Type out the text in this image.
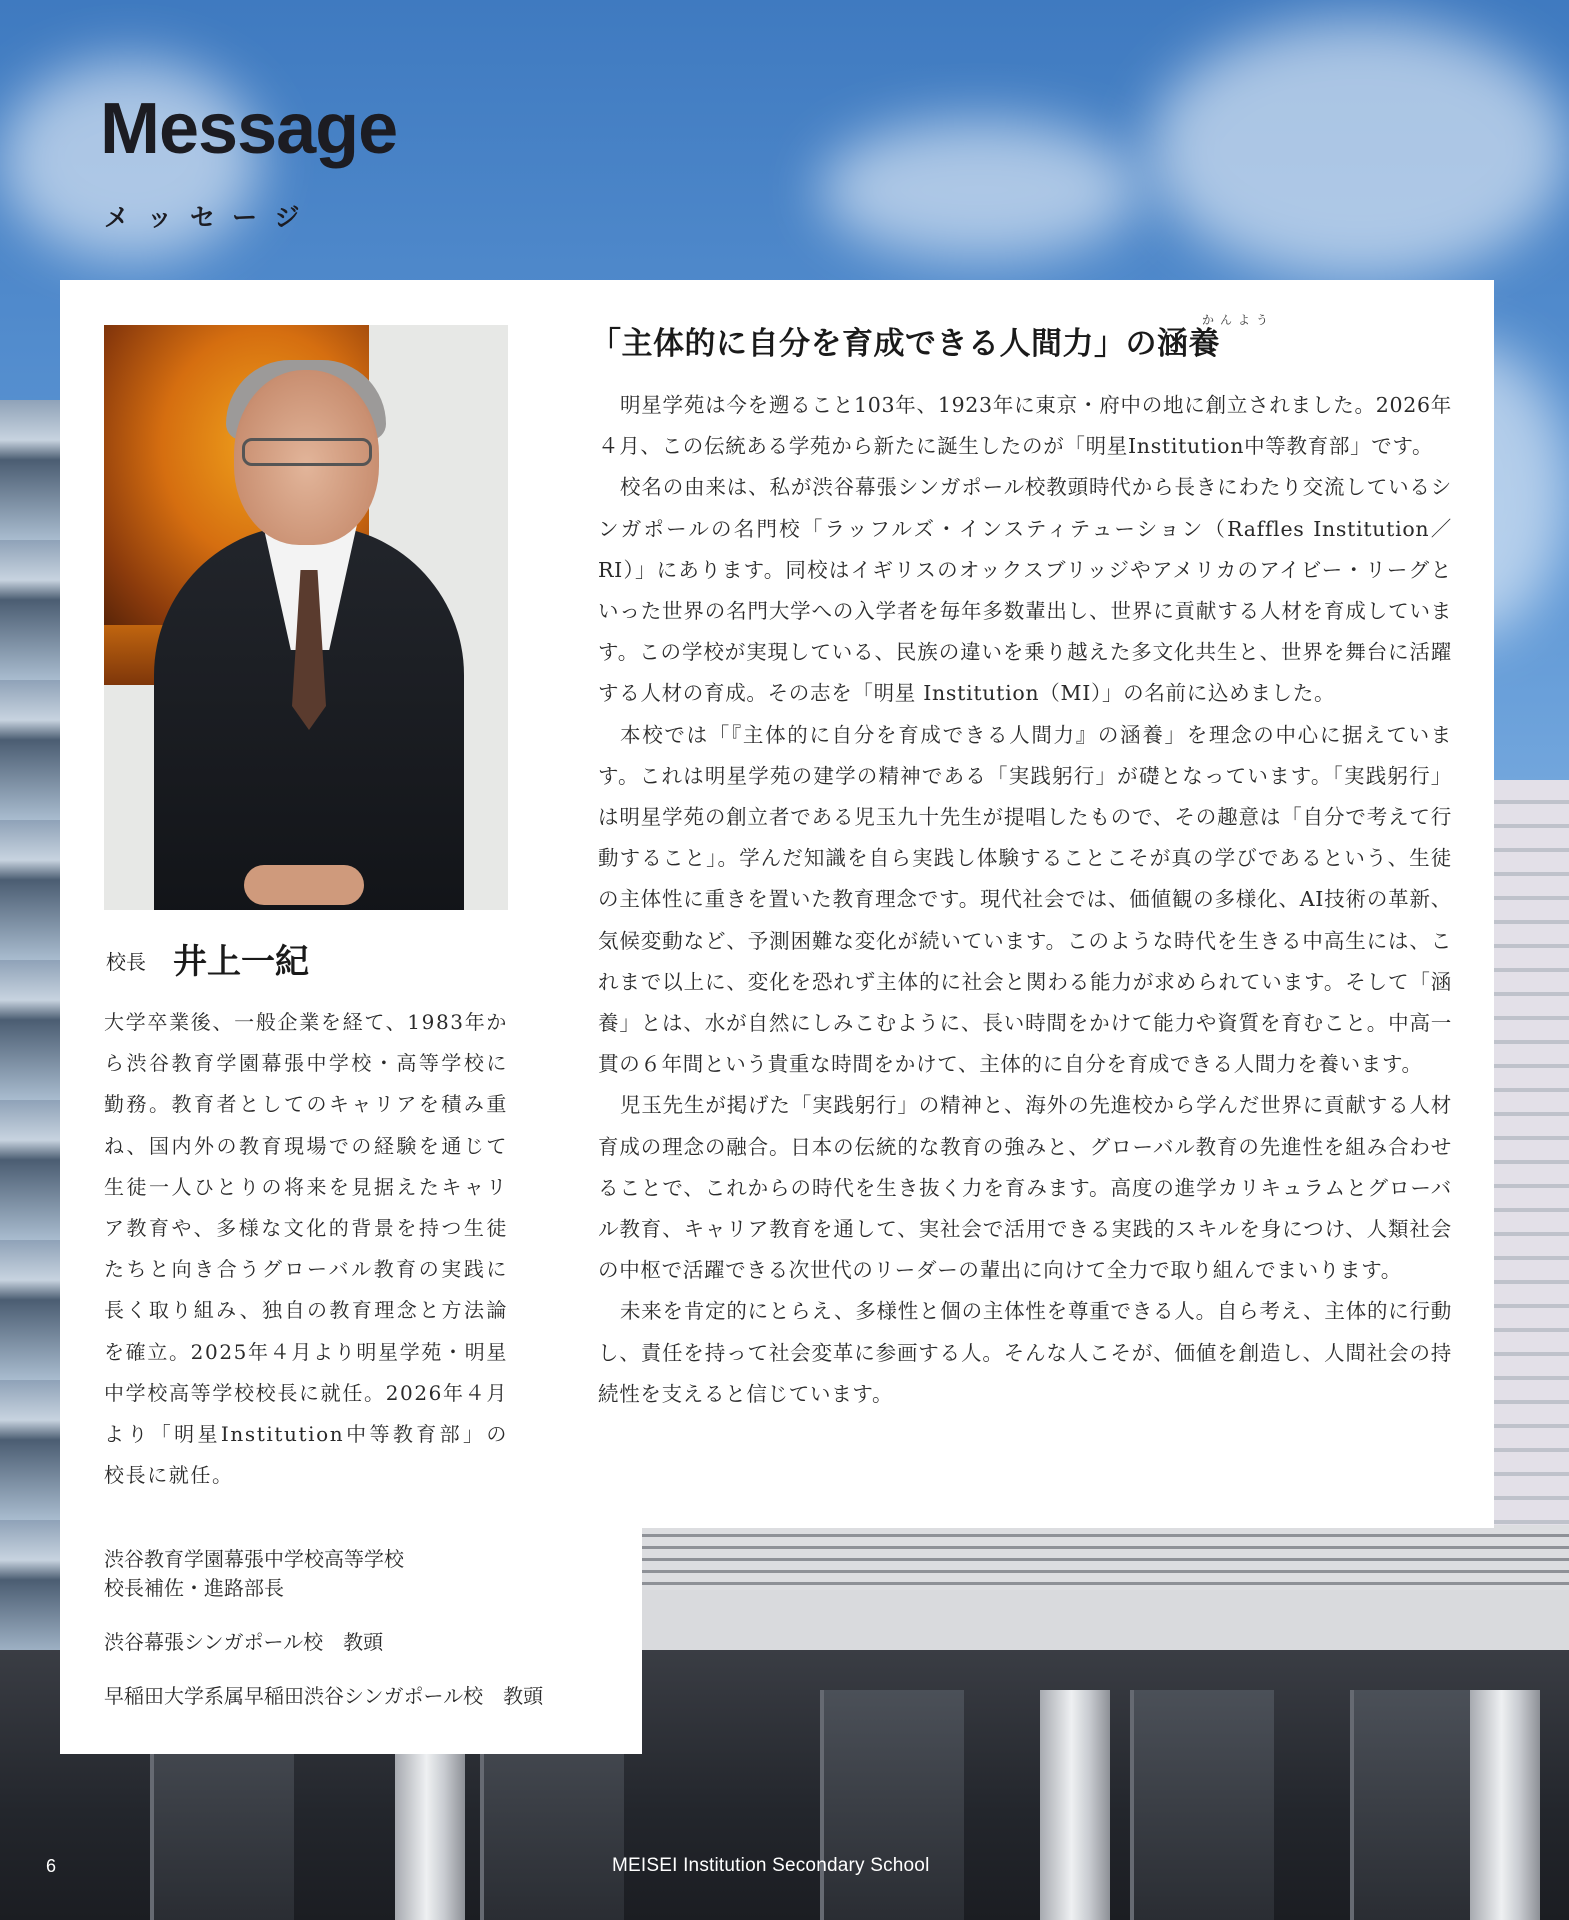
Message

メッセージ

校長 井上一紀

大学卒業後、一般企業を経て、1983年から渋谷教育学園幕張中学校・高等学校に勤務。教育者としてのキャリアを積み重ね、国内外の教育現場での経験を通じて生徒一人ひとりの将来を見据えたキャリア教育や、多様な文化的背景を持つ生徒たちと向き合うグローバル教育の実践に長く取り組み、独自の教育理念と方法論を確立。2025年４月より明星学苑・明星中学校高等学校校長に就任。2026年４月より「明星Institution中等教育部」の校長に就任。

渋谷教育学園幕張中学校高等学校

校長補佐・進路部長

渋谷幕張シンガポール校　教頭

早稲田大学系属早稲田渋谷シンガポール校　教頭

かんよう

「主体的に自分を育成できる人間力」の涵養

明星学苑は今を遡ること103年、1923年に東京・府中の地に創立されました。2026年４月、この伝統ある学苑から新たに誕生したのが「明星Institution中等教育部」です。

校名の由来は、私が渋谷幕張シンガポール校教頭時代から長きにわたり交流しているシンガポールの名門校「ラッフルズ・インスティテューション（Raffles Institution／RI）」にあります。同校はイギリスのオックスブリッジやアメリカのアイビー・リーグといった世界の名門大学への入学者を毎年多数輩出し、世界に貢献する人材を育成しています。この学校が実現している、民族の違いを乗り越えた多文化共生と、世界を舞台に活躍する人材の育成。その志を「明星 Institution（MI）」の名前に込めました。

本校では「『主体的に自分を育成できる人間力』の涵養」を理念の中心に据えています。これは明星学苑の建学の精神である「実践躬行」が礎となっています。「実践躬行」は明星学苑の創立者である児玉九十先生が提唱したもので、その趣意は「自分で考えて行動すること」。学んだ知識を自ら実践し体験することこそが真の学びであるという、生徒の主体性に重きを置いた教育理念です。現代社会では、価値観の多様化、AI技術の革新、気候変動など、予測困難な変化が続いています。このような時代を生きる中高生には、これまで以上に、変化を恐れず主体的に社会と関わる能力が求められています。そして「涵養」とは、水が自然にしみこむように、長い時間をかけて能力や資質を育むこと。中高一貫の６年間という貴重な時間をかけて、主体的に自分を育成できる人間力を養います。

児玉先生が掲げた「実践躬行」の精神と、海外の先進校から学んだ世界に貢献する人材育成の理念の融合。日本の伝統的な教育の強みと、グローバル教育の先進性を組み合わせることで、これからの時代を生き抜く力を育みます。高度の進学カリキュラムとグローバル教育、キャリア教育を通して、実社会で活用できる実践的スキルを身につけ、人類社会の中枢で活躍できる次世代のリーダーの輩出に向けて全力で取り組んでまいります。

未来を肯定的にとらえ、多様性と個の主体性を尊重できる人。自ら考え、主体的に行動し、責任を持って社会変革に参画する人。そんな人こそが、価値を創造し、人間社会の持続性を支えると信じています。

6	MEISEI Institution Secondary School
